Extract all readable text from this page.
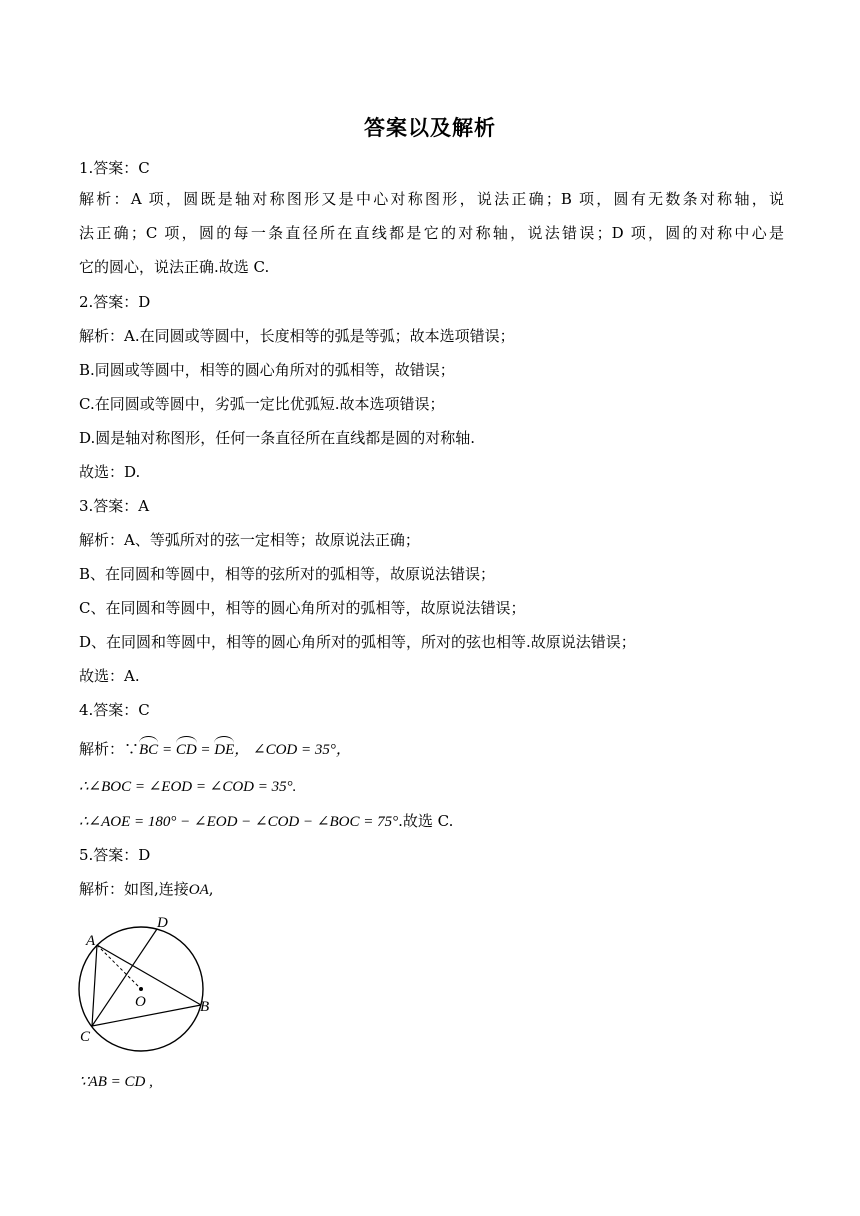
答案以及解析
1.答案：C
解析：A 项，圆既是轴对称图形又是中心对称图形，说法正确；B 项，圆有无数条对称轴，说
法正确；C 项，圆的每一条直径所在直线都是它的对称轴，说法错误；D 项，圆的对称中心是
它的圆心，说法正确.故选 C.
2.答案：D
解析：A.在同圆或等圆中，长度相等的弧是等弧；故本选项错误；
B.同圆或等圆中，相等的圆心角所对的弧相等，故错误；
C.在同圆或等圆中，劣弧一定比优弧短.故本选项错误；
D.圆是轴对称图形，任何一条直径所在直线都是圆的对称轴.
故选：D.
3.答案：A
解析：A、等弧所对的弦一定相等；故原说法正确；
B、在同圆和等圆中，相等的弦所对的弧相等，故原说法错误；
C、在同圆和等圆中，相等的圆心角所对的弧相等，故原说法错误；
D、在同圆和等圆中，相等的圆心角所对的弧相等，所对的弦也相等.故原说法错误；
故选：A.
4.答案：C
解析：∵BC = CD = DE， ∠COD = 35°，
∴∠BOC = ∠EOD = ∠COD = 35°.
∴∠AOE = 180° − ∠EOD − ∠COD − ∠BOC = 75°.故选 C.
5.答案：D
解析：如图,连接OA,
A
D
O	B
C
∵AB = CD ,
